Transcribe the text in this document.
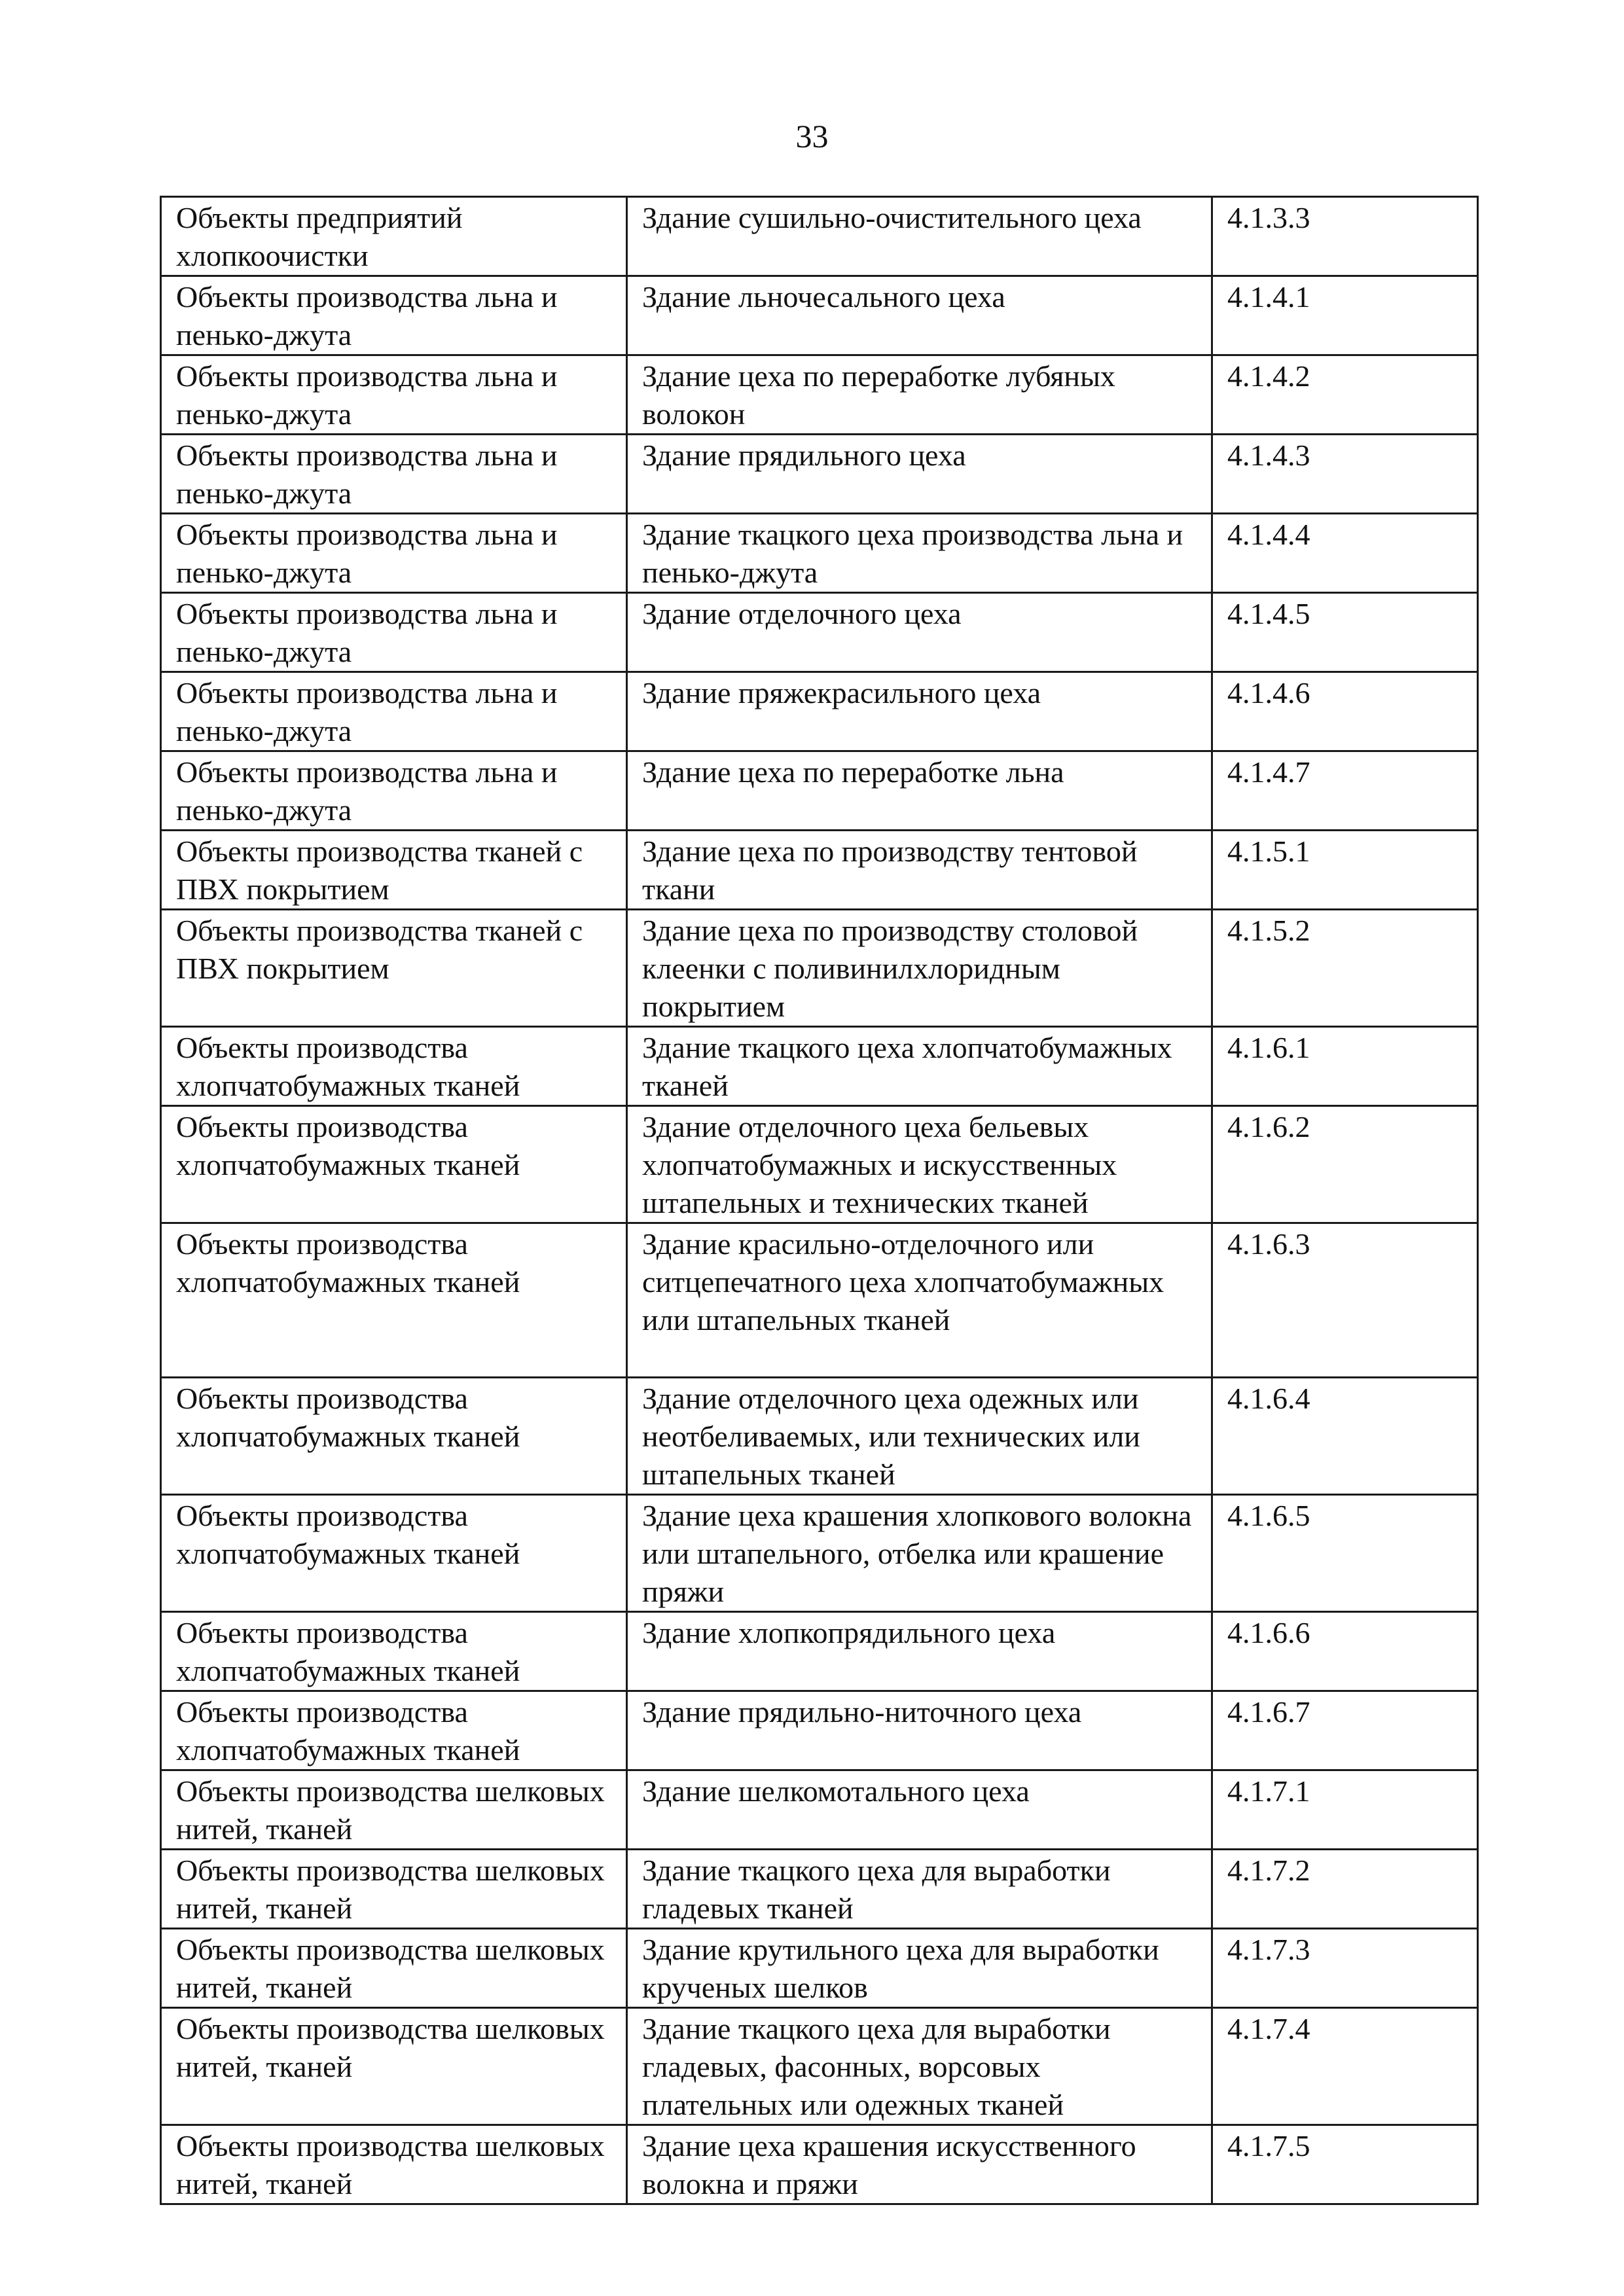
33
Объекты предприятий хлопкоочистки	Здание сушильно-очистительного цеха	4.1.3.3
Объекты производства льна и пенько-джута	Здание льночесального цеха	4.1.4.1
Объекты производства льна и пенько-джута	Здание цеха по переработке лубяных волокон	4.1.4.2
Объекты производства льна и пенько-джута	Здание прядильного цеха	4.1.4.3
Объекты производства льна и пенько-джута	Здание ткацкого цеха производства льна и пенько-джута	4.1.4.4
Объекты производства льна и пенько-джута	Здание отделочного цеха	4.1.4.5
Объекты производства льна и пенько-джута	Здание пряжекрасильного цеха	4.1.4.6
Объекты производства льна и пенько-джута	Здание цеха по переработке льна	4.1.4.7
Объекты производства тканей с ПВХ покрытием	Здание цеха по производству тентовой ткани	4.1.5.1
Объекты производства тканей с ПВХ покрытием	Здание цеха по производству столовой клеенки с поливинилхлоридным покрытием	4.1.5.2
Объекты производства хлопчатобумажных тканей	Здание ткацкого цеха хлопчатобумажных тканей	4.1.6.1
Объекты производства хлопчатобумажных тканей	Здание отделочного цеха бельевых хлопчатобумажных и искусственных штапельных и технических тканей	4.1.6.2
Объекты производства хлопчатобумажных тканей	Здание красильно-отделочного или ситцепечатного цеха хлопчатобумажных или штапельных тканей	4.1.6.3
Объекты производства хлопчатобумажных тканей	Здание отделочного цеха одежных или неотбеливаемых, или технических или штапельных тканей	4.1.6.4
Объекты производства хлопчатобумажных тканей	Здание цеха крашения хлопкового волокна или штапельного, отбелка или крашение пряжи	4.1.6.5
Объекты производства хлопчатобумажных тканей	Здание хлопкопрядильного цеха	4.1.6.6
Объекты производства хлопчатобумажных тканей	Здание прядильно-ниточного цеха	4.1.6.7
Объекты производства шелковых нитей, тканей	Здание шелкомотального цеха	4.1.7.1
Объекты производства шелковых нитей, тканей	Здание ткацкого цеха для выработки гладевых тканей	4.1.7.2
Объекты производства шелковых нитей, тканей	Здание крутильного цеха для выработки крученых шелков	4.1.7.3
Объекты производства шелковых нитей, тканей	Здание ткацкого цеха для выработки гладевых, фасонных, ворсовых плательных или одежных тканей	4.1.7.4
Объекты производства шелковых нитей, тканей	Здание цеха крашения искусственного волокна и пряжи	4.1.7.5
